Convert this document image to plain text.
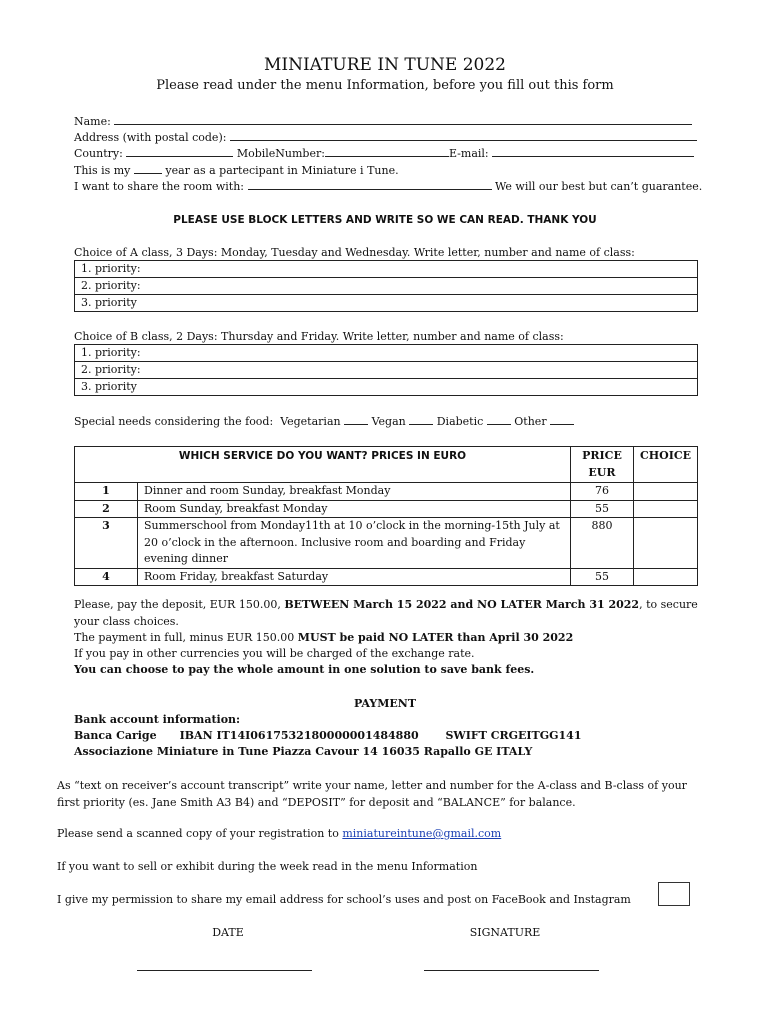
MINIATURE IN TUNE 2022
Please read under the menu Information, before you fill out this form
Name:
Address (with postal code):
Country:	MobileNumber:	E-mail:
This is my	year as a partecipant in Miniature i Tune.
I want to share the room with:	We will our best but can’t guarantee.
PLEASE USE BLOCK LETTERS AND WRITE SO WE CAN READ. THANK YOU
Choice of A class, 3 Days: Monday, Tuesday and Wednesday. Write letter, number and name of class:
1. priority:
2. priority:
3. priority
Choice of B class, 2 Days: Thursday and Friday. Write letter, number and name of class:
1. priority:
2. priority:
3. priority
Special needs considering the food: Vegetarian	Vegan	Diabetic	Other
WHICH SERVICE DO YOU WANT? PRICES IN EURO		PRICE EUR	CHOICE
1	Dinner and room Sunday, breakfast Monday	76	
2	Room Sunday, breakfast Monday	55	
3	Summerschool from Monday11th at 10 o’clock in the morning-15th July at 20 o’clock in the afternoon. Inclusive room and boarding and Friday evening dinner	880	
4	Room Friday, breakfast Saturday	55	
Please, pay the deposit, EUR 150.00, BETWEEN March 15 2022 and NO LATER March 31 2022, to secure your class choices.
The payment in full, minus EUR 150.00 MUST be paid NO LATER than April 30 2022
If you pay in other currencies you will be charged of the exchange rate.
You can choose to pay the whole amount in one solution to save bank fees.
PAYMENT
Bank account information:
Banca Carige IBAN IT14I0617532180000001484880 SWIFT CRGEITGG141
Associazione Miniature in Tune Piazza Cavour 14 16035 Rapallo GE ITALY
As “text on receiver’s account transcript” write your name, letter and number for the A-class and B-class of your first priority (es. Jane Smith A3 B4) and “DEPOSIT” for deposit and “BALANCE” for balance.
Please send a scanned copy of your registration to miniatureintune@gmail.com
If you want to sell or exhibit during the week read in the menu Information
I give my permission to share my email address for school’s uses and post on FaceBook and Instagram
DATE	SIGNATURE
